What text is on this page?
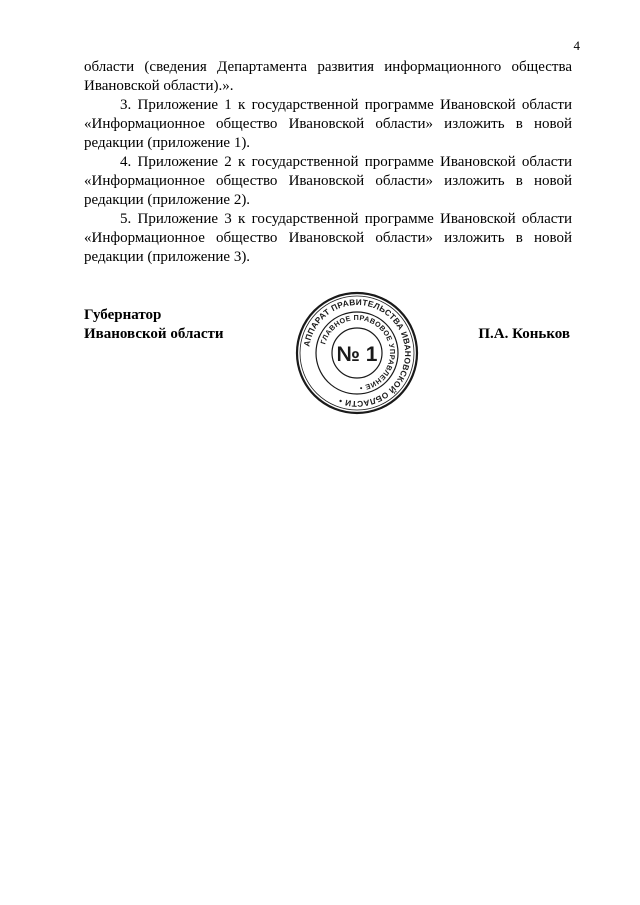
4

области (сведения Департамента развития информационного общества Ивановской области).».

3. Приложение 1 к государственной программе Ивановской области «Информационное общество Ивановской области» изложить в новой редакции (приложение 1).

4. Приложение 2 к государственной программе Ивановской области «Информационное общество Ивановской области» изложить в новой редакции (приложение 2).

5. Приложение 3 к государственной программе Ивановской области «Информационное общество Ивановской области» изложить в новой редакции (приложение 3).

Губернатор
Ивановской области	П.А. Коньков
АППАРАТ ПРАВИТЕЛЬСТВА ИВАНОВСКОЙ ОБЛАСТИ •
ГЛАВНОЕ ПРАВОВОЕ УПРАВЛЕНИЕ •
№ 1
